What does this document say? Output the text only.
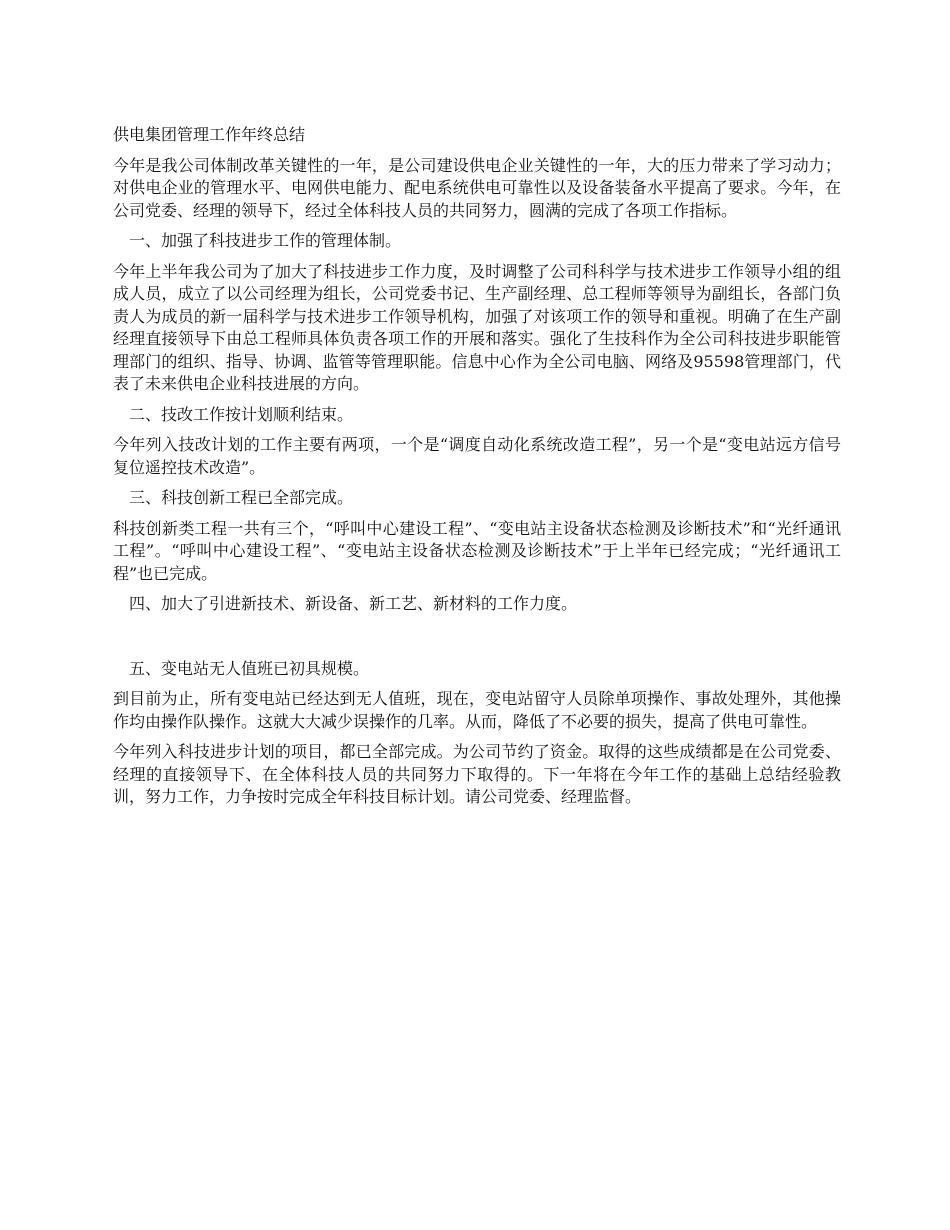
供电集团管理工作年终总结

今年是我公司体制改革关键性的一年，是公司建设供电企业关键性的一年，大的压力带来了学习动力；对供电企业的管理水平、电网供电能力、配电系统供电可靠性以及设备装备水平提高了要求。今年，在公司党委、经理的领导下，经过全体科技人员的共同努力，圆满的完成了各项工作指标。

一、加强了科技进步工作的管理体制。

今年上半年我公司为了加大了科技进步工作力度，及时调整了公司科科学与技术进步工作领导小组的组成人员，成立了以公司经理为组长，公司党委书记、生产副经理、总工程师等领导为副组长，各部门负责人为成员的新一届科学与技术进步工作领导机构，加强了对该项工作的领导和重视。明确了在生产副经理直接领导下由总工程师具体负责各项工作的开展和落实。强化了生技科作为全公司科技进步职能管理部门的组织、指导、协调、监管等管理职能。信息中心作为全公司电脑、网络及95598管理部门，代表了未来供电企业科技进展的方向。

二、技改工作按计划顺利结束。

今年列入技改计划的工作主要有两项，一个是“调度自动化系统改造工程”，另一个是“变电站远方信号复位遥控技术改造”。

三、科技创新工程已全部完成。

科技创新类工程一共有三个，“呼叫中心建设工程”、“变电站主设备状态检测及诊断技术”和“光纤通讯工程”。“呼叫中心建设工程”、“变电站主设备状态检测及诊断技术”于上半年已经完成；“光纤通讯工程”也已完成。

四、加大了引进新技术、新设备、新工艺、新材料的工作力度。

五、变电站无人值班已初具规模。

到目前为止，所有变电站已经达到无人值班，现在，变电站留守人员除单项操作、事故处理外，其他操作均由操作队操作。这就大大减少误操作的几率。从而，降低了不必要的损失，提高了供电可靠性。

今年列入科技进步计划的项目，都已全部完成。为公司节约了资金。取得的这些成绩都是在公司党委、经理的直接领导下、在全体科技人员的共同努力下取得的。下一年将在今年工作的基础上总结经验教训，努力工作，力争按时完成全年科技目标计划。请公司党委、经理监督。
